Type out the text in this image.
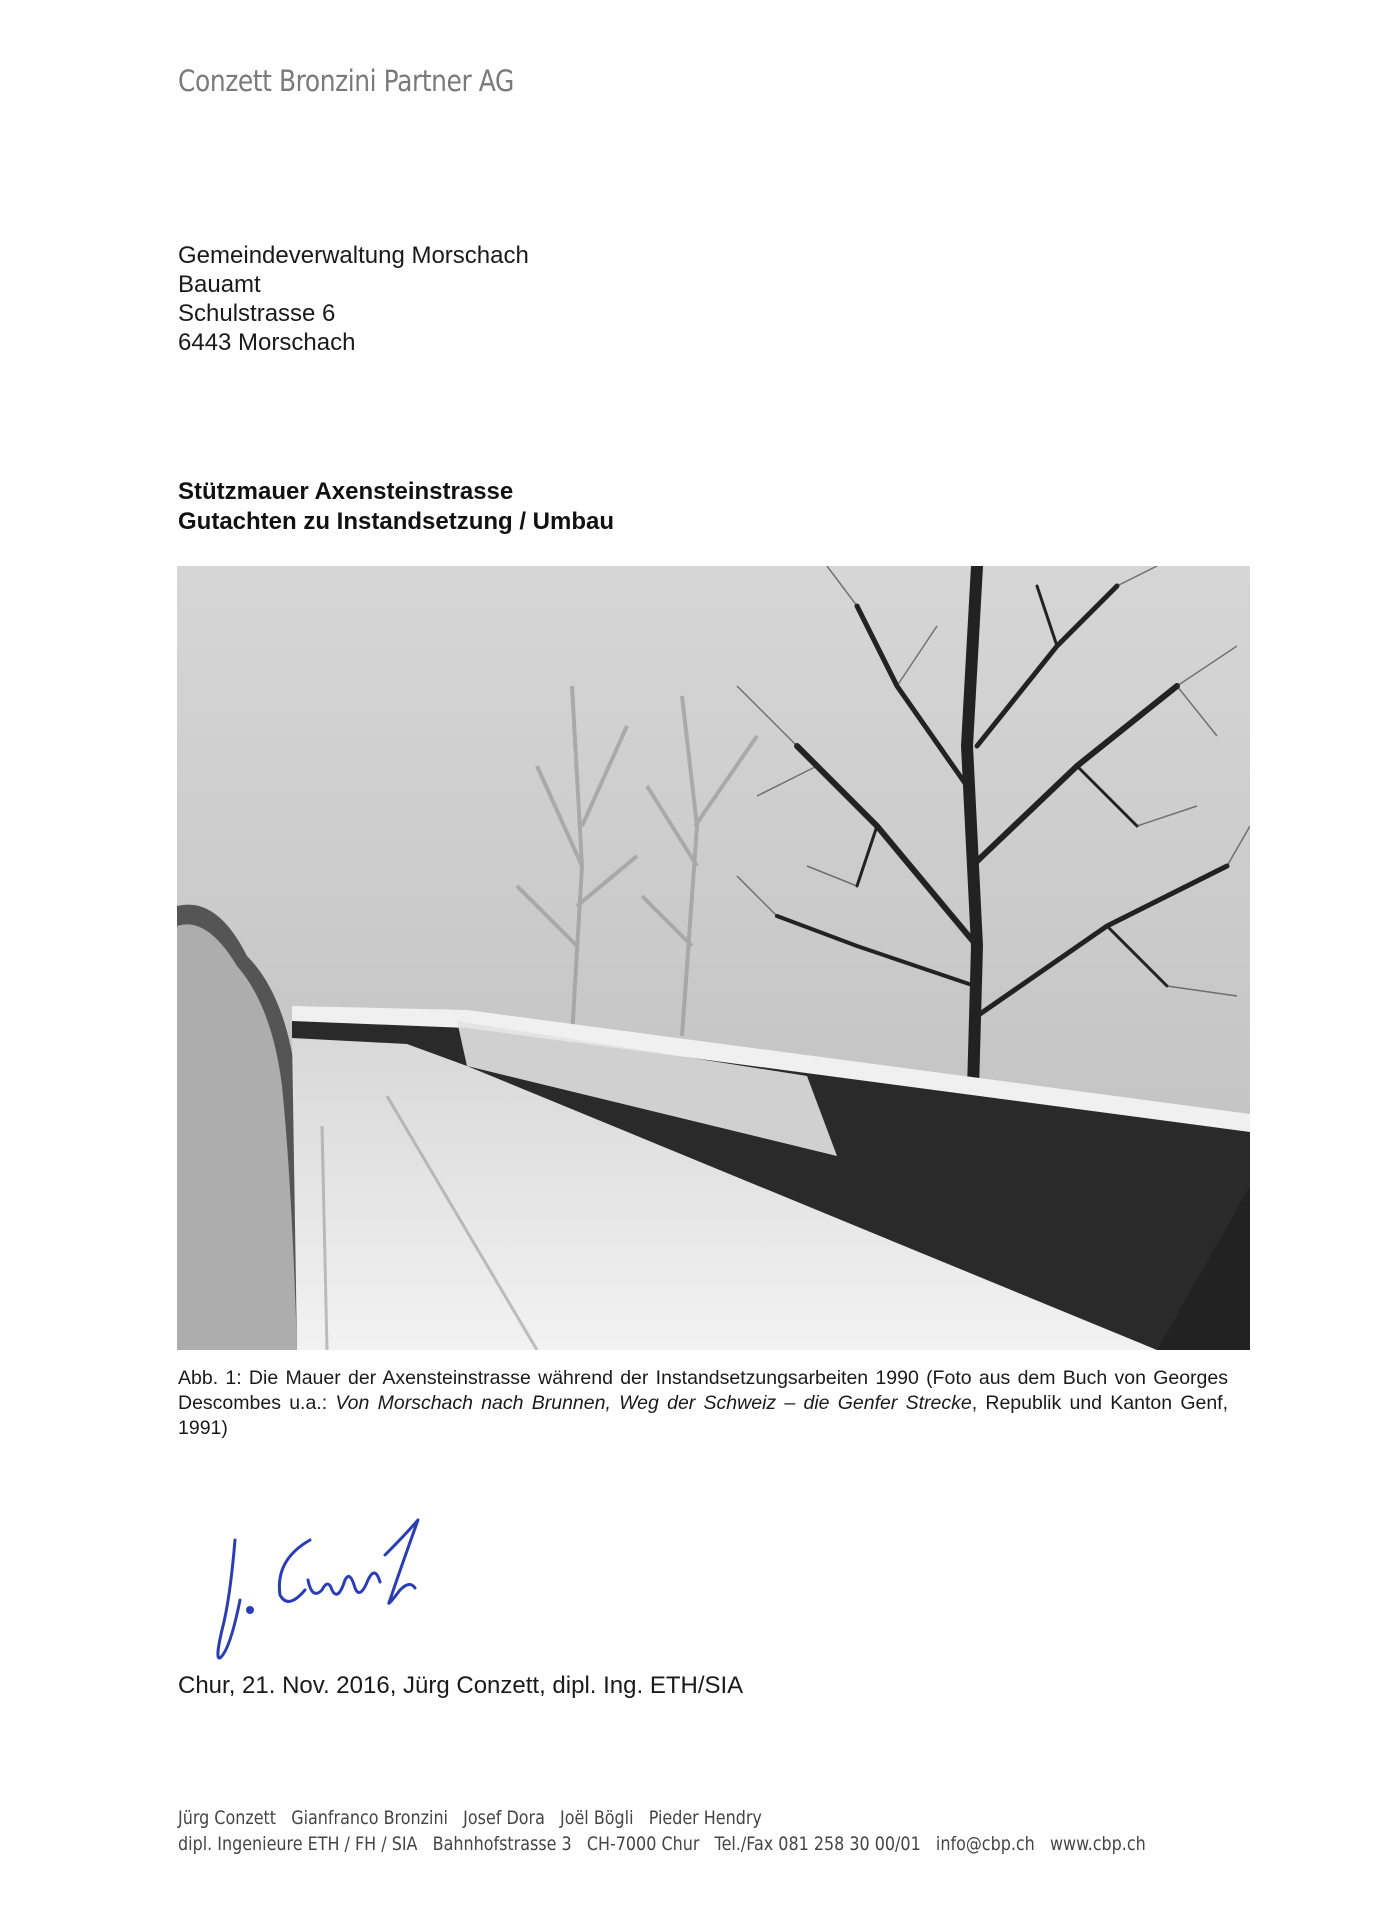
Conzett Bronzini Partner AG
Gemeindeverwaltung Morschach
Bauamt
Schulstrasse 6
6443 Morschach
Stützmauer Axensteinstrasse
Gutachten zu Instandsetzung / Umbau
Abb. 1: Die Mauer der Axensteinstrasse während der Instandsetzungsarbeiten 1990 (Foto aus dem Buch von Georges Descombes u.a.: Von Morschach nach Brunnen, Weg der Schweiz – die Genfer Strecke, Republik und Kanton Genf, 1991)
Chur, 21. Nov. 2016, Jürg Conzett, dipl. Ing. ETH/SIA
Jürg Conzett Gianfranco Bronzini Josef Dora Joël Bögli Pieder Hendry
dipl. Ingenieure ETH / FH / SIA Bahnhofstrasse 3 CH-7000 Chur Tel./Fax 081 258 30 00/01 info@cbp.ch www.cbp.ch
